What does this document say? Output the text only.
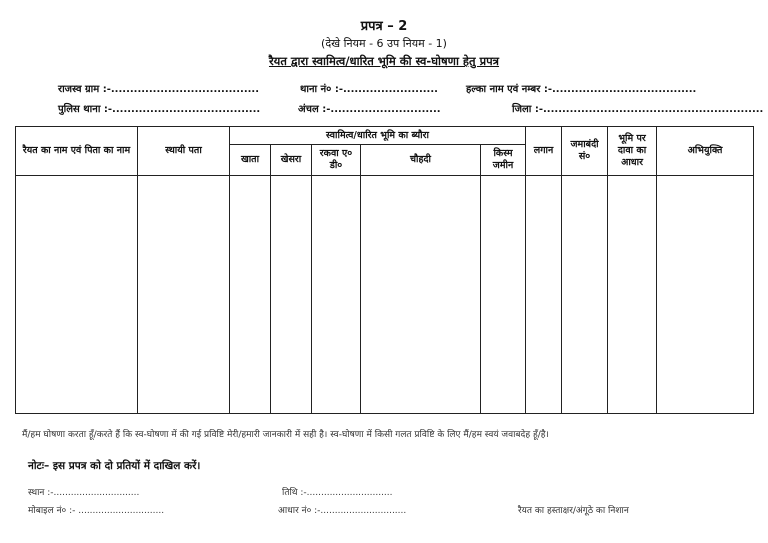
प्रपत्र – 2
(देखे नियम - 6 उप नियम - 1)
रैयत द्वारा स्वामित्व/धारित भूमि की स्व-घोषणा हेतु प्रपत्र
राजस्व ग्राम :-.......................................	थाना नं० :-.........................	हल्का नाम एवं नम्बर :-......................................
पुलिस थाना :-.......................................	अंचल :-.............................	जिला :-..........................................................
रैयत का नाम एवं पिता का नाम	स्थायी पता	स्वामित्व/धारित भूमि का ब्यौरा					लगान	जमाबंदी सं०	भूमि पर दावा का आधार	अभियुक्ति
		खाता	खेसरा	रकवा ए० डी०	चौहदी	किस्म जमीन				

मैं/हम घोषणा करता हूँ/करते हैं कि स्व-घोषणा में की गई प्रविष्टि मेरी/हमारी जानकारी में सही है। स्व-घोषणा में किसी गलत प्रविष्टि के लिए मैं/हम स्वयं जवाबदेह हूँ/है।
नोटः– इस प्रपत्र को दो प्रतियों में दाखिल करें।
स्थान :-..............................	तिथि :-..............................
मोबाइल नं० :- ..............................	आधार नं० :-..............................	रैयत का हस्ताक्षर/अंगूठे का निशान
